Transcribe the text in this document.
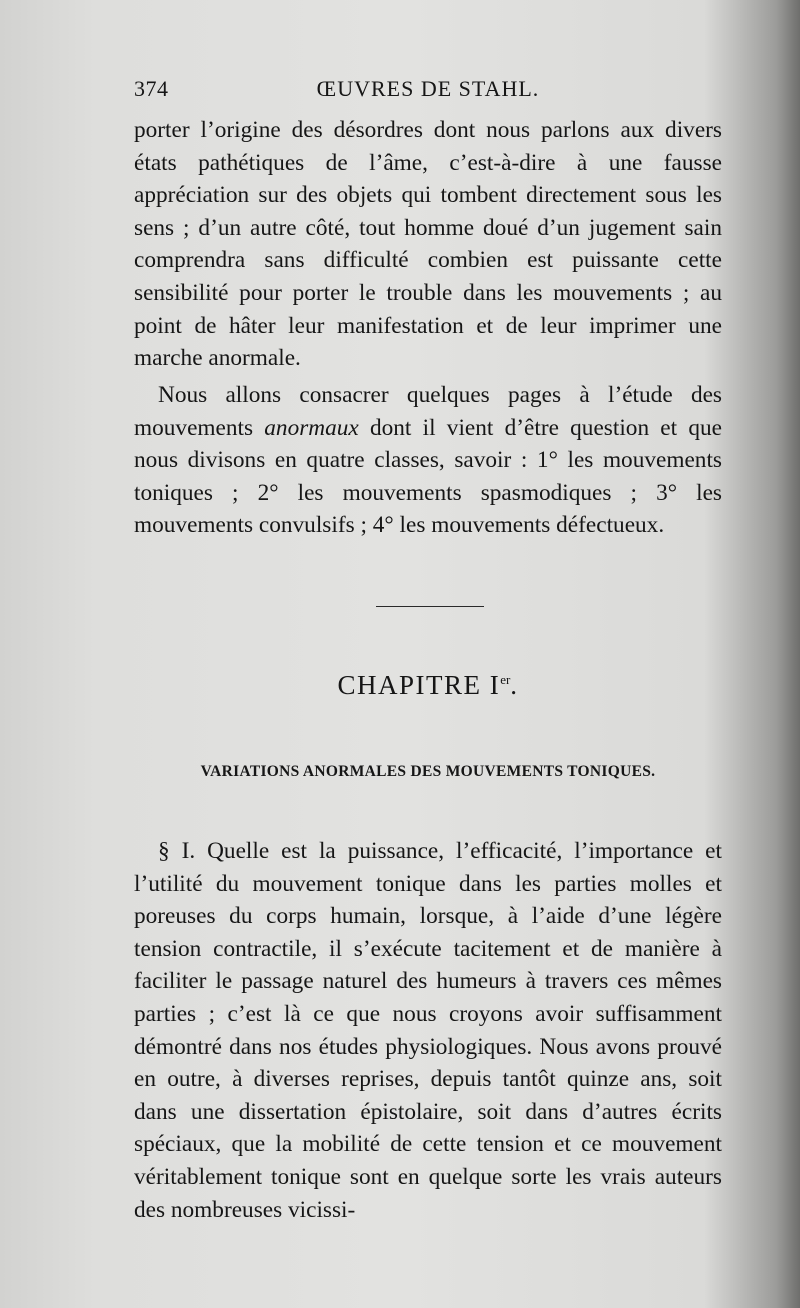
374	ŒUVRES DE STAHL.

porter l’origine des désordres dont nous parlons aux divers états pathétiques de l’âme, c’est-à-dire à une fausse appréciation sur des objets qui tombent directement sous les sens ; d’un autre côté, tout homme doué d’un jugement sain comprendra sans difficulté combien est puissante cette sensibilité pour porter le trouble dans les mouvements ; au point de hâter leur manifestation et de leur imprimer une marche anormale.

Nous allons consacrer quelques pages à l’étude des mouvements anormaux dont il vient d’être question et que nous divisons en quatre classes, savoir : 1° les mouvements toniques ; 2° les mouvements spasmodiques ; 3° les mouvements convulsifs ; 4° les mouvements défectueux.

CHAPITRE Ier.
VARIATIONS ANORMALES DES MOUVEMENTS TONIQUES.

§ I. Quelle est la puissance, l’efficacité, l’importance et l’utilité du mouvement tonique dans les parties molles et poreuses du corps humain, lorsque, à l’aide d’une légère tension contractile, il s’exécute tacitement et de manière à faciliter le passage naturel des humeurs à travers ces mêmes parties ; c’est là ce que nous croyons avoir suffisamment démontré dans nos études physiologiques. Nous avons prouvé en outre, à diverses reprises, depuis tantôt quinze ans, soit dans une dissertation épistolaire, soit dans d’autres écrits spéciaux, que la mobilité de cette tension et ce mouvement véritablement tonique sont en quelque sorte les vrais auteurs des nombreuses vicissi-
